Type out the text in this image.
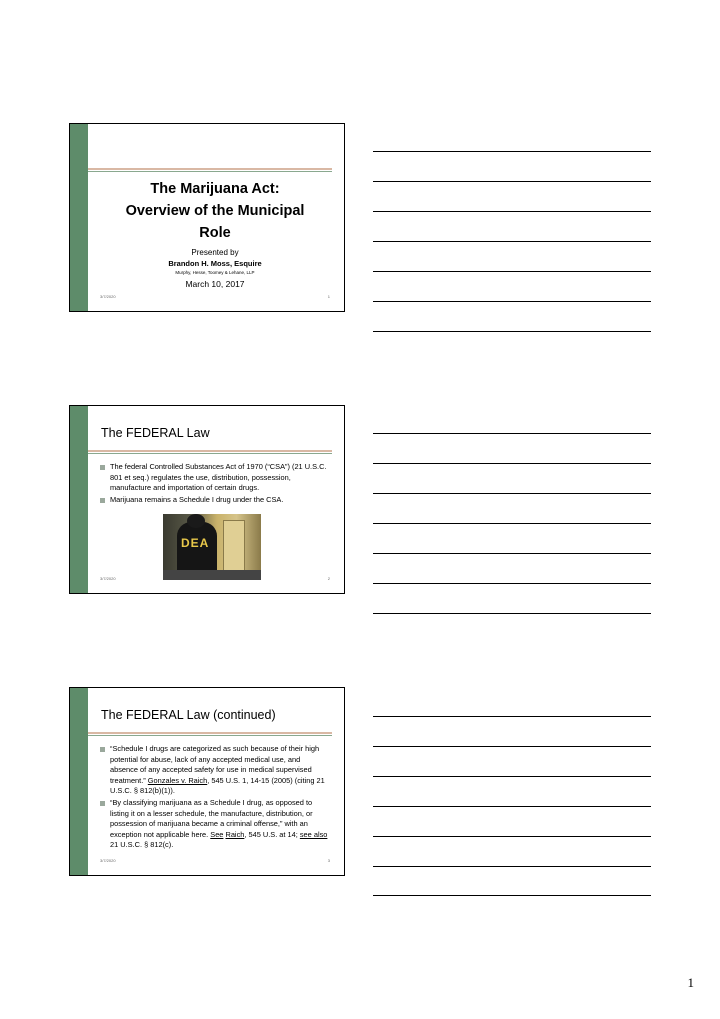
The Marijuana Act:
Overview of the Municipal
Role
Presented by
Brandon H. Moss, Esquire
Murphy, Hesse, Toomey & Lehane, LLP
March 10, 2017
3/7/2020	1
The FEDERAL Law
The federal Controlled Substances Act of 1970 (“CSA”) (21 U.S.C. 801 et seq.) regulates the use, distribution, possession, manufacture and importation of certain drugs.
Marijuana remains a Schedule I drug under the CSA.
DEA
3/7/2020	2
The FEDERAL Law (continued)
“Schedule I drugs are categorized as such because of their high potential for abuse, lack of any accepted medical use, and absence of any accepted safety for use in medical supervised treatment.” Gonzales v. Raich, 545 U.S. 1, 14-15 (2005) (citing 21 U.S.C. § 812(b)(1)).
“By classifying marijuana as a Schedule I drug, as opposed to listing it on a lesser schedule, the manufacture, distribution, or possession of marijuana became a criminal offense,” with an exception not applicable here. See Raich, 545 U.S. at 14; see also 21 U.S.C. § 812(c).
3/7/2020	3
1
